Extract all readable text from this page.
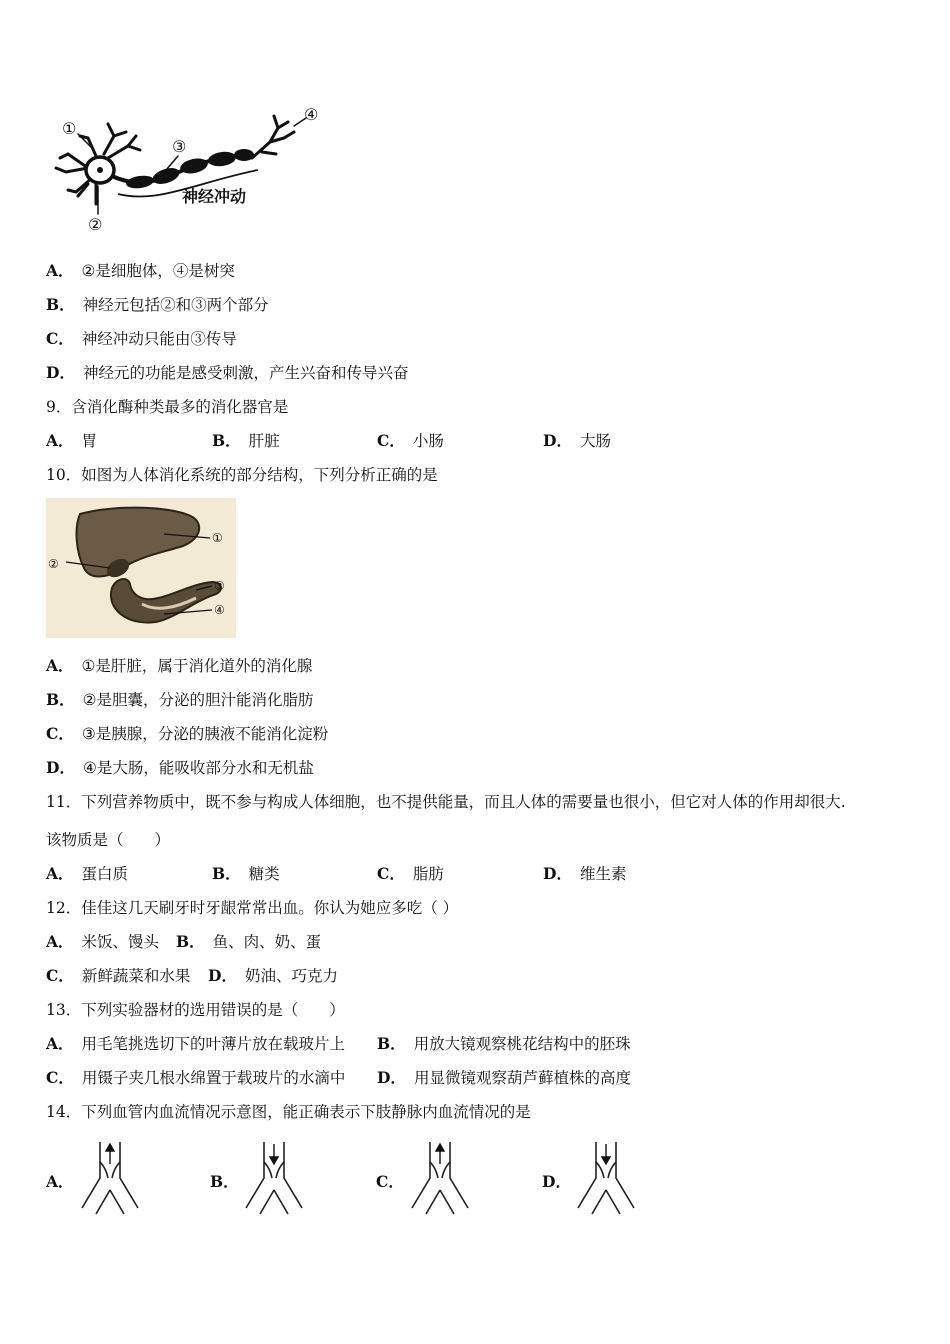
①
②
③
④
神经冲动
A． ②是细胞体，④是树突
B． 神经元包括②和③两个部分
C． 神经冲动只能由③传导
D． 神经元的功能是感受刺激，产生兴奋和传导兴奋
9．含消化酶种类最多的消化器官是
A． 胃	B． 肝脏	C． 小肠	D． 大肠
10．如图为人体消化系统的部分结构，下列分析正确的是
①
②
③
④
A． ①是肝脏，属于消化道外的消化腺
B． ②是胆囊，分泌的胆汁能消化脂肪
C． ③是胰腺，分泌的胰液不能消化淀粉
D． ④是大肠，能吸收部分水和无机盐
11．下列营养物质中，既不参与构成人体细胞，也不提供能量，而且人体的需要量也很小，但它对人体的作用却很大.
该物质是（　　）
A． 蛋白质	B． 糖类	C． 脂肪	D． 维生素
12．佳佳这几天刷牙时牙龈常常出血。你认为她应多吃（ ）
A． 米饭、馒头 B． 鱼、肉、奶、蛋
C． 新鲜蔬菜和水果 D． 奶油、巧克力
13．下列实验器材的选用错误的是（　　）
A． 用毛笔挑选切下的叶薄片放在载玻片上 B． 用放大镜观察桃花结构中的胚珠
C． 用镊子夹几根水绵置于载玻片的水滴中 D． 用显微镜观察葫芦藓植株的高度
14．下列血管内血流情况示意图，能正确表示下肢静脉内血流情况的是
A．	B．	C．	D．
